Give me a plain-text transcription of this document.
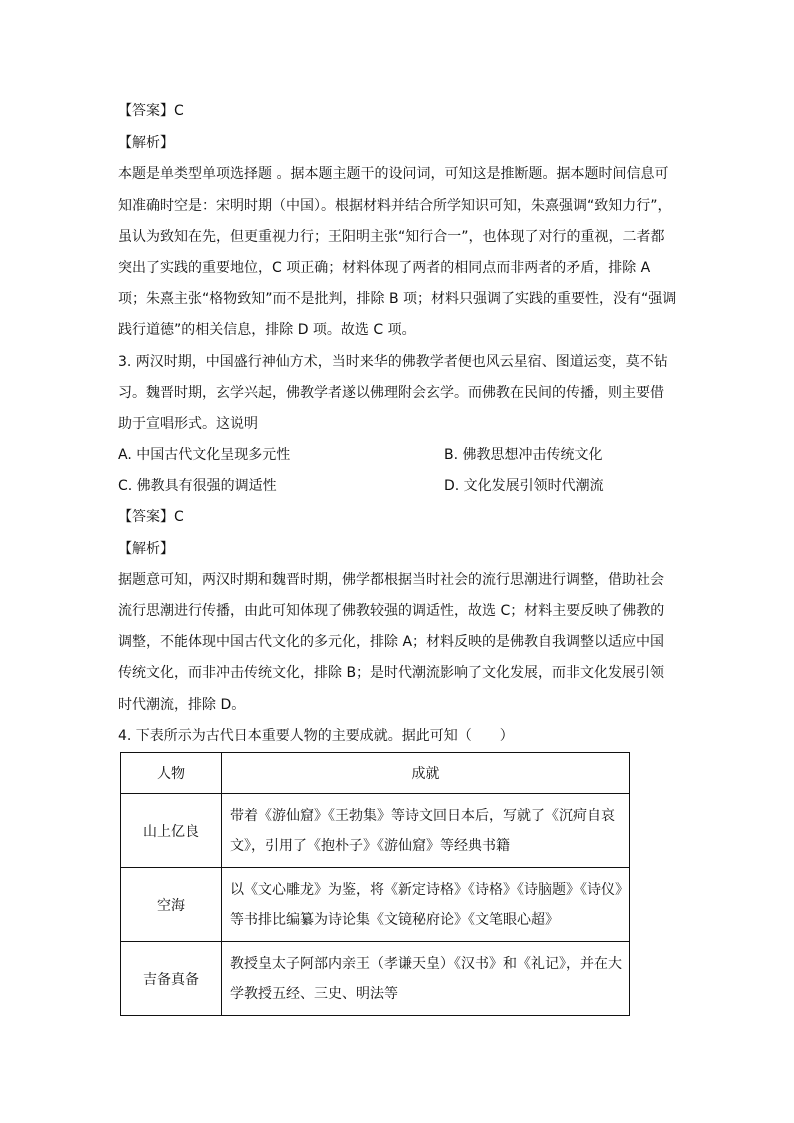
【答案】C
【解析】
本题是单类型单项选择题 。据本题主题干的设问词，可知这是推断题。据本题时间信息可
知准确时空是：宋明时期（中国）。根据材料并结合所学知识可知，朱熹强调“致知力行”，
虽认为致知在先，但更重视力行；王阳明主张“知行合一”，也体现了对行的重视，二者都
突出了实践的重要地位，C 项正确；材料体现了两者的相同点而非两者的矛盾，排除 A
项；朱熹主张“格物致知”而不是批判，排除 B 项；材料只强调了实践的重要性，没有“强调
践行道德”的相关信息，排除 D 项。故选 C 项。
3. 两汉时期，中国盛行神仙方术，当时来华的佛教学者便也风云星宿、图道运变，莫不钻
习。魏晋时期，玄学兴起，佛教学者遂以佛理附会玄学。而佛教在民间的传播，则主要借
助于宣唱形式。这说明
A. 中国古代文化呈现多元性	B. 佛教思想冲击传统文化
C. 佛教具有很强的调适性	D. 文化发展引领时代潮流
【答案】C
【解析】
据题意可知，两汉时期和魏晋时期，佛学都根据当时社会的流行思潮进行调整，借助社会
流行思潮进行传播，由此可知体现了佛教较强的调适性，故选 C；材料主要反映了佛教的
调整，不能体现中国古代文化的多元化，排除 A；材料反映的是佛教自我调整以适应中国
传统文化，而非冲击传统文化，排除 B；是时代潮流影响了文化发展，而非文化发展引领
时代潮流，排除 D。
4. 下表所示为古代日本重要人物的主要成就。据此可知（　　）
人物	成就
山上亿良	带着《游仙窟》《王勃集》等诗文回日本后，写就了《沉疴自哀
文》，引用了《抱朴子》《游仙窟》等经典书籍

空海	以《文心雕龙》为鉴，将《新定诗格》《诗格》《诗脑题》《诗仪》
等书排比编纂为诗论集《文镜秘府论》《文笔眼心超》

吉备真备	教授皇太子阿部内亲王（孝谦天皇）《汉书》和《礼记》，并在大
学教授五经、三史、明法等
